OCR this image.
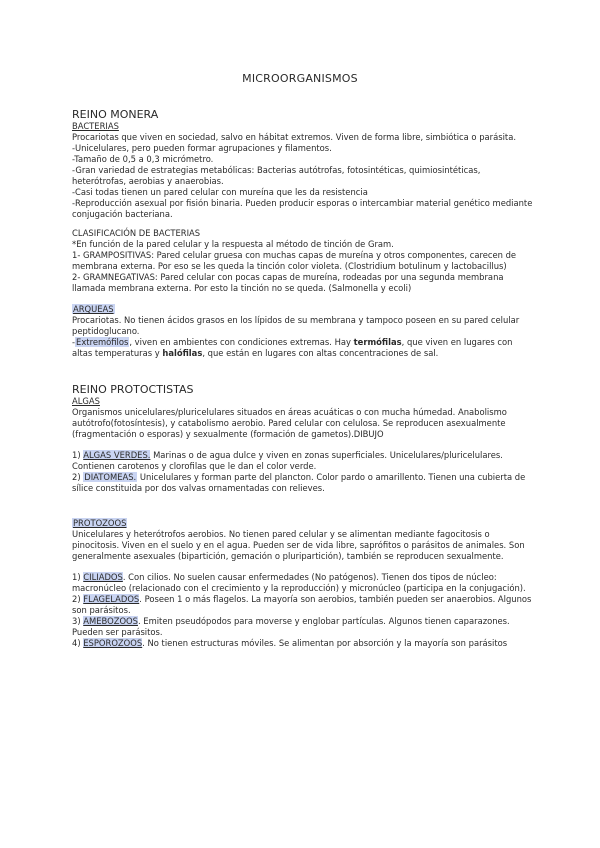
MICROORGANISMOS

REINO MONERA

BACTERIAS

Procariotas que viven en sociedad, salvo en hábitat extremos. Viven de forma libre, simbiótica o parásita.

-Unicelulares, pero pueden formar agrupaciones y filamentos.

-Tamaño de 0,5 a 0,3 micrómetro.

-Gran variedad de estrategias metabólicas: Bacterias autótrofas, fotosintéticas, quimiosintéticas, heterótrofas, aerobias y anaerobias.

-Casi todas tienen un pared celular con mureína que les da resistencia

-Reproducción asexual por fisión binaria. Pueden producir esporas o intercambiar material genético mediante conjugación bacteriana.

CLASIFICACIÓN DE BACTERIAS

*En función de la pared celular y la respuesta al método de tinción de Gram.

1- GRAMPOSITIVAS: Pared celular gruesa con muchas capas de mureína y otros componentes, carecen de membrana externa. Por eso se les queda la tinción color violeta. (Clostridium botulinum y lactobacillus)

2- GRAMNEGATIVAS: Pared celular con pocas capas de mureína, rodeadas por una segunda membrana llamada membrana externa. Por esto la tinción no se queda. (Salmonella y ecoli)

ARQUEAS

Procariotas. No tienen ácidos grasos en los lípidos de su membrana y tampoco poseen en su pared celular peptidoglucano.

-Extremófilos, viven en ambientes con condiciones extremas. Hay termófilas, que viven en lugares con altas temperaturas y halófilas, que están en lugares con altas concentraciones de sal.

REINO PROTOCTISTAS

ALGAS

Organismos unicelulares/pluricelulares situados en áreas acuáticas o con mucha húmedad. Anabolismo autótrofo(fotosíntesis), y catabolismo aerobio. Pared celular con celulosa. Se reproducen asexualmente (fragmentación o esporas) y sexualmente (formación de gametos).DIBUJO

1) ALGAS VERDES. Marinas o de agua dulce y viven en zonas superficiales. Unicelulares/pluricelulares. Contienen carotenos y clorofilas que le dan el color verde.

2) DIATOMEAS. Unicelulares y forman parte del plancton. Color pardo o amarillento. Tienen una cubierta de sílice constituida por dos valvas ornamentadas con relieves.

PROTOZOOS

Unicelulares y heterótrofos aerobios. No tienen pared celular y se alimentan mediante fagocitosis o pinocitosis. Viven en el suelo y en el agua. Pueden ser de vida libre, saprófitos o parásitos de animales. Son generalmente asexuales (bipartición, gemación o pluripartición), también se reproducen sexualmente.

1) CILIADOS. Con cilios. No suelen causar enfermedades (No patógenos). Tienen dos tipos de núcleo: macronúcleo (relacionado con el crecimiento y la reproducción) y micronúcleo (participa en la conjugación).

2) FLAGELADOS. Poseen 1 o más flagelos. La mayoría son aerobios, también pueden ser anaerobios. Algunos son parásitos.

3) AMEBOZOOS. Emiten pseudópodos para moverse y englobar partículas. Algunos tienen caparazones. Pueden ser parásitos.

4) ESPOROZOOS. No tienen estructuras móviles. Se alimentan por absorción y la mayoría son parásitos
